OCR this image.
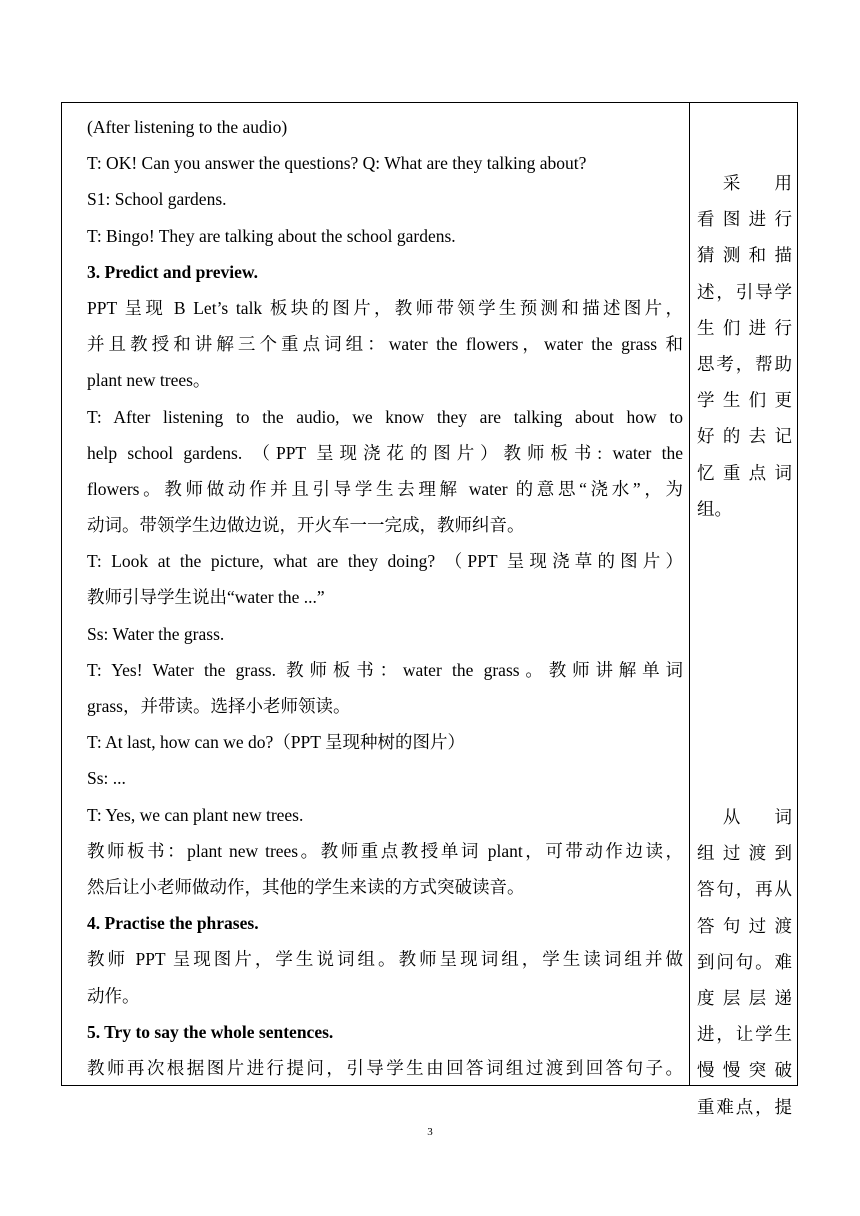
(After listening to the audio)
T: OK! Can you answer the questions? Q: What are they talking about?
S1: School gardens.
T: Bingo! They are talking about the school gardens.
3. Predict and preview.
PPT 呈现 B Let’s talk 板块的图片，教师带领学生预测和描述图片，
并且教授和讲解三个重点词组：water the flowers，water the grass 和
plant new trees。
T: After listening to the audio, we know they are talking about how to
help school gardens. （PPT 呈现浇花的图片）教师板书: water the
flowers。教师做动作并且引导学生去理解 water 的意思“浇水”，为
动词。带领学生边做边说，开火车一一完成，教师纠音。
T: Look at the picture, what are they doing? （PPT 呈现浇草的图片）
教师引导学生说出“water the ...”
Ss: Water the grass.
T: Yes! Water the grass. 教师板书：water the grass。教师讲解单词
grass，并带读。选择小老师领读。
T: At last, how can we do?（PPT 呈现种树的图片）
Ss: ...
T: Yes, we can plant new trees.
教师板书：plant new trees。教师重点教授单词 plant，可带动作边读，
然后让小老师做动作，其他的学生来读的方式突破读音。
4. Practise the phrases.
教师 PPT 呈现图片，学生说词组。教师呈现词组，学生读词组并做
动作。
5. Try to say the whole sentences.
教师再次根据图片进行提问，引导学生由回答词组过渡到回答句子。
　采　用
看图进行
猜测和描
述，引导学
生们进行
思考，帮助
学生们更
好的去记
忆重点词
组。
　从　词
组过渡到
答句，再从
答句过渡
到问句。难
度层层递
进，让学生
慢慢突破
重难点，提
3
